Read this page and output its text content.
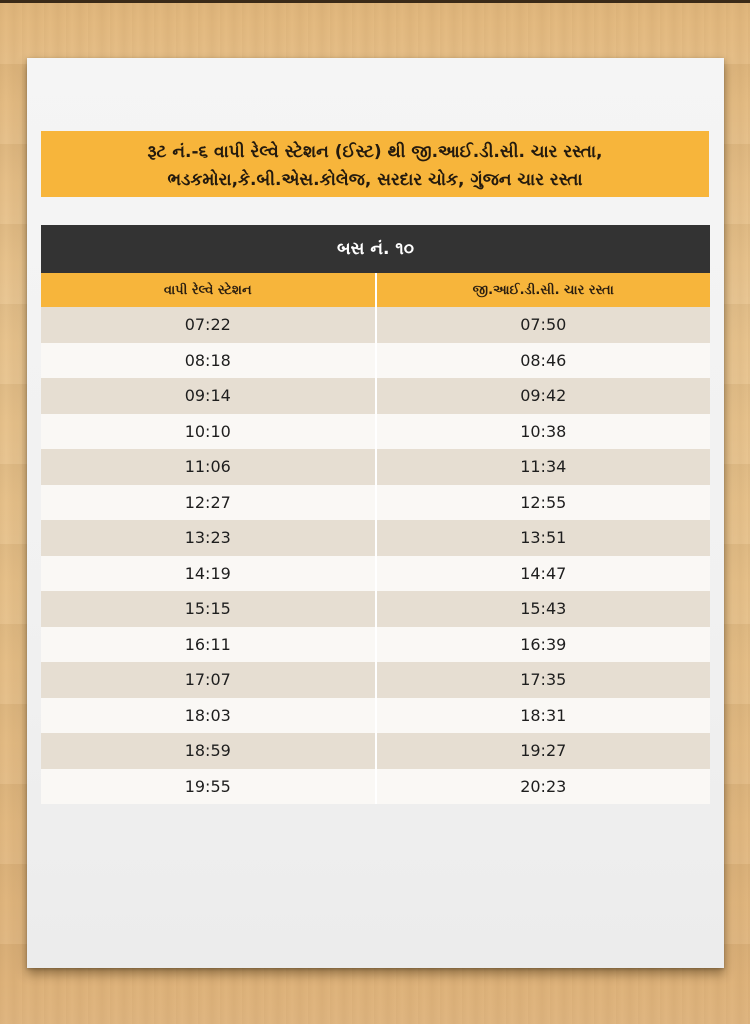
રૂટ નં.-૬ વાપી રેલ્વે સ્ટેશન (ઈસ્ટ) થી જી.આઈ.ડી.સી. ચાર રસ્તા,
ભડકમોરા,કે.બી.એસ.કોલેજ, સરદાર ચોક, ગુંજન ચાર રસ્તા
બસ નં. ૧૦
વાપી રેલ્વે સ્ટેશન	જી.આઈ.ડી.સી. ચાર રસ્તા
07:22	07:50
08:18	08:46
09:14	09:42
10:10	10:38
11:06	11:34
12:27	12:55
13:23	13:51
14:19	14:47
15:15	15:43
16:11	16:39
17:07	17:35
18:03	18:31
18:59	19:27
19:55	20:23
